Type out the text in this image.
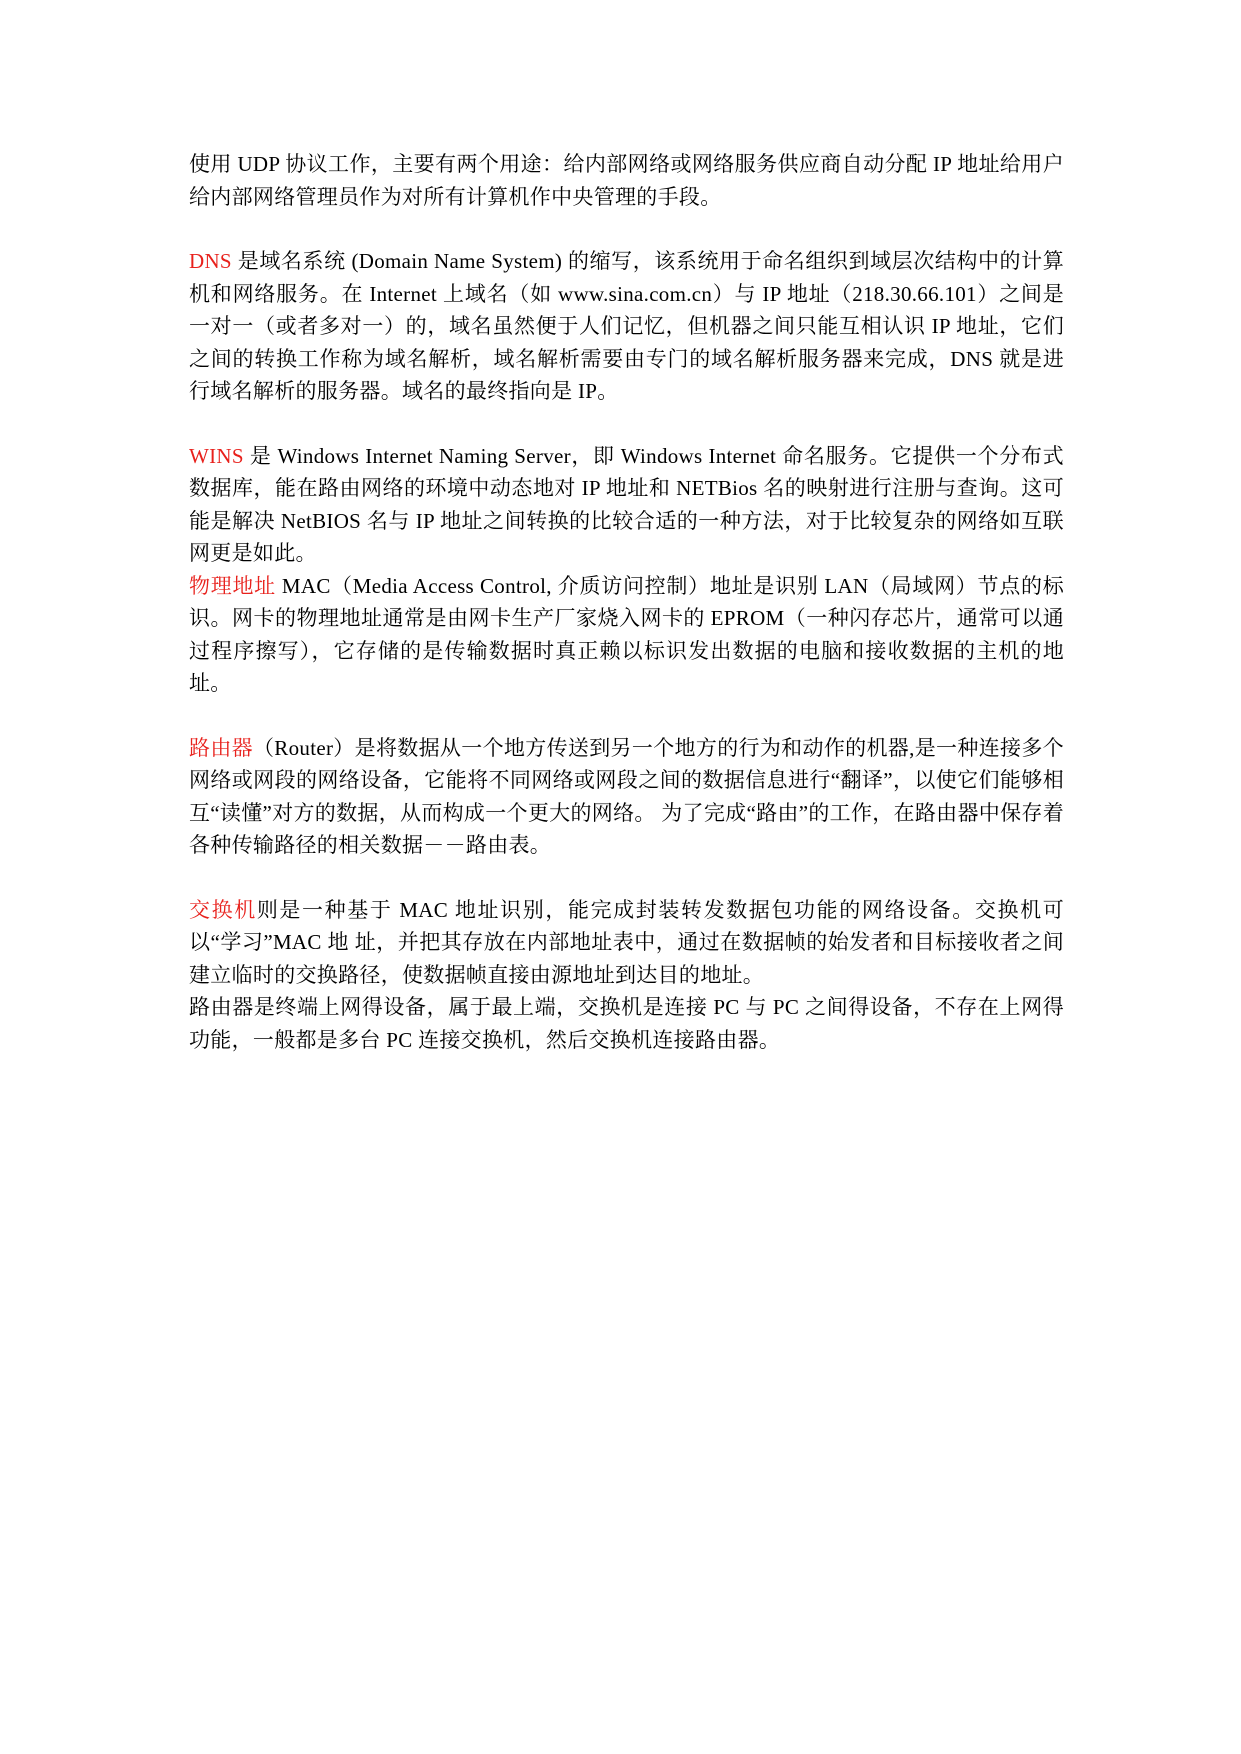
使用 UDP 协议工作，主要有两个用途：给内部网络或网络服务供应商自动分配 IP 地址给用户给内部网络管理员作为对所有计算机作中央管理的手段。

DNS 是域名系统 (Domain Name System) 的缩写，该系统用于命名组织到域层次结构中的计算机和网络服务。在 Internet 上域名（如 www.sina.com.cn）与 IP 地址（218.30.66.101）之间是一对一（或者多对一）的，域名虽然便于人们记忆，但机器之间只能互相认识 IP 地址，它们之间的转换工作称为域名解析，域名解析需要由专门的域名解析服务器来完成，DNS 就是进行域名解析的服务器。域名的最终指向是 IP。

WINS 是 Windows Internet Naming Server，即 Windows Internet 命名服务。它提供一个分布式数据库，能在路由网络的环境中动态地对 IP 地址和 NETBios 名的映射进行注册与查询。这可能是解决 NetBIOS 名与 IP 地址之间转换的比较合适的一种方法，对于比较复杂的网络如互联网更是如此。

物理地址 MAC（Media Access Control, 介质访问控制）地址是识别 LAN（局域网）节点的标识。网卡的物理地址通常是由网卡生产厂家烧入网卡的 EPROM（一种闪存芯片，通常可以通过程序擦写），它存储的是传输数据时真正赖以标识发出数据的电脑和接收数据的主机的地址。

路由器（Router）是将数据从一个地方传送到另一个地方的行为和动作的机器,是一种连接多个网络或网段的网络设备，它能将不同网络或网段之间的数据信息进行“翻译”，以使它们能够相互“读懂”对方的数据，从而构成一个更大的网络。 为了完成“路由”的工作，在路由器中保存着各种传输路径的相关数据－－路由表。

交换机则是一种基于 MAC 地址识别，能完成封装转发数据包功能的网络设备。交换机可以“学习”MAC 地 址，并把其存放在内部地址表中，通过在数据帧的始发者和目标接收者之间建立临时的交换路径，使数据帧直接由源地址到达目的地址。

路由器是终端上网得设备，属于最上端，交换机是连接 PC 与 PC 之间得设备，不存在上网得功能，一般都是多台 PC 连接交换机，然后交换机连接路由器。
